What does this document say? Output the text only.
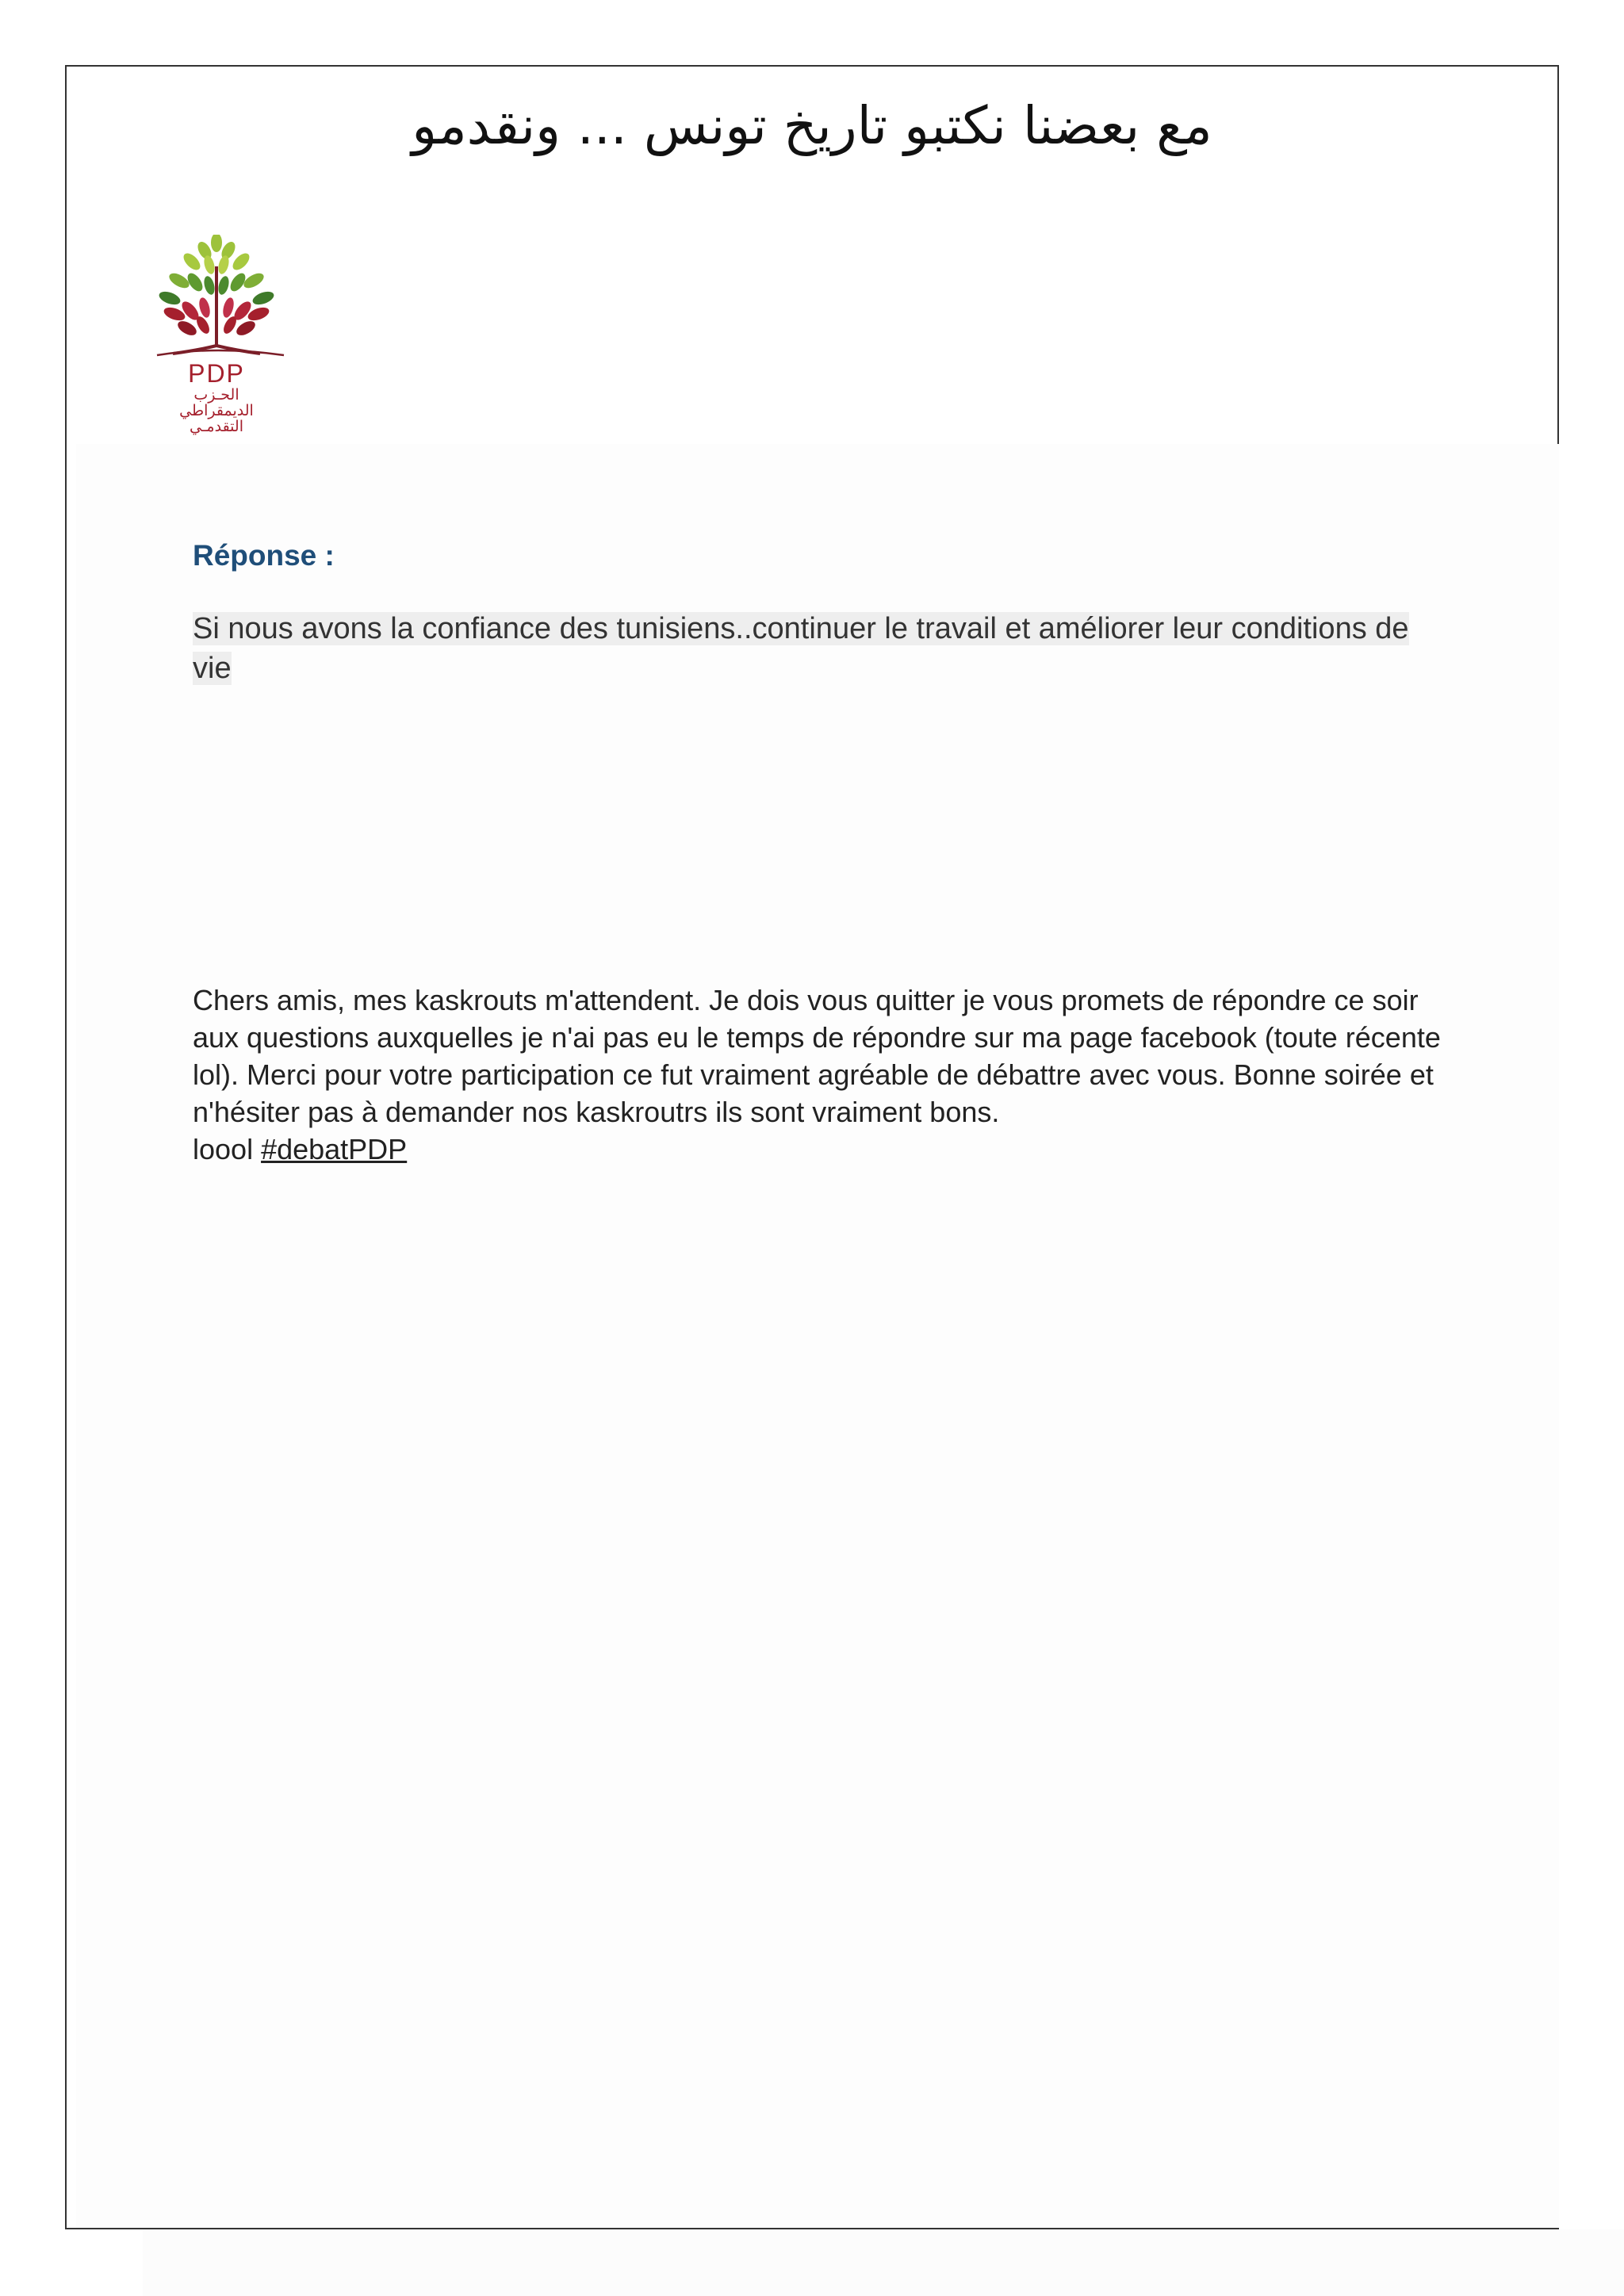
مع بعضنا نكتبو تاريخ تونس ... ونقدمو
PDP
الحـزب
الديمقراطي
التقدمـي
Réponse :
Si nous avons la confiance des tunisiens..continuer le travail et améliorer leur conditions de vie
Chers amis, mes kaskrouts m'attendent. Je dois vous quitter je vous promets de répondre ce soir aux questions auxquelles je n'ai pas eu le temps de répondre sur ma page facebook (toute récente lol). Merci pour votre participation ce fut vraiment agréable de débattre avec vous. Bonne soirée et n'hésiter pas à demander nos kaskroutrs ils sont vraiment bons.
loool #debatPDP
